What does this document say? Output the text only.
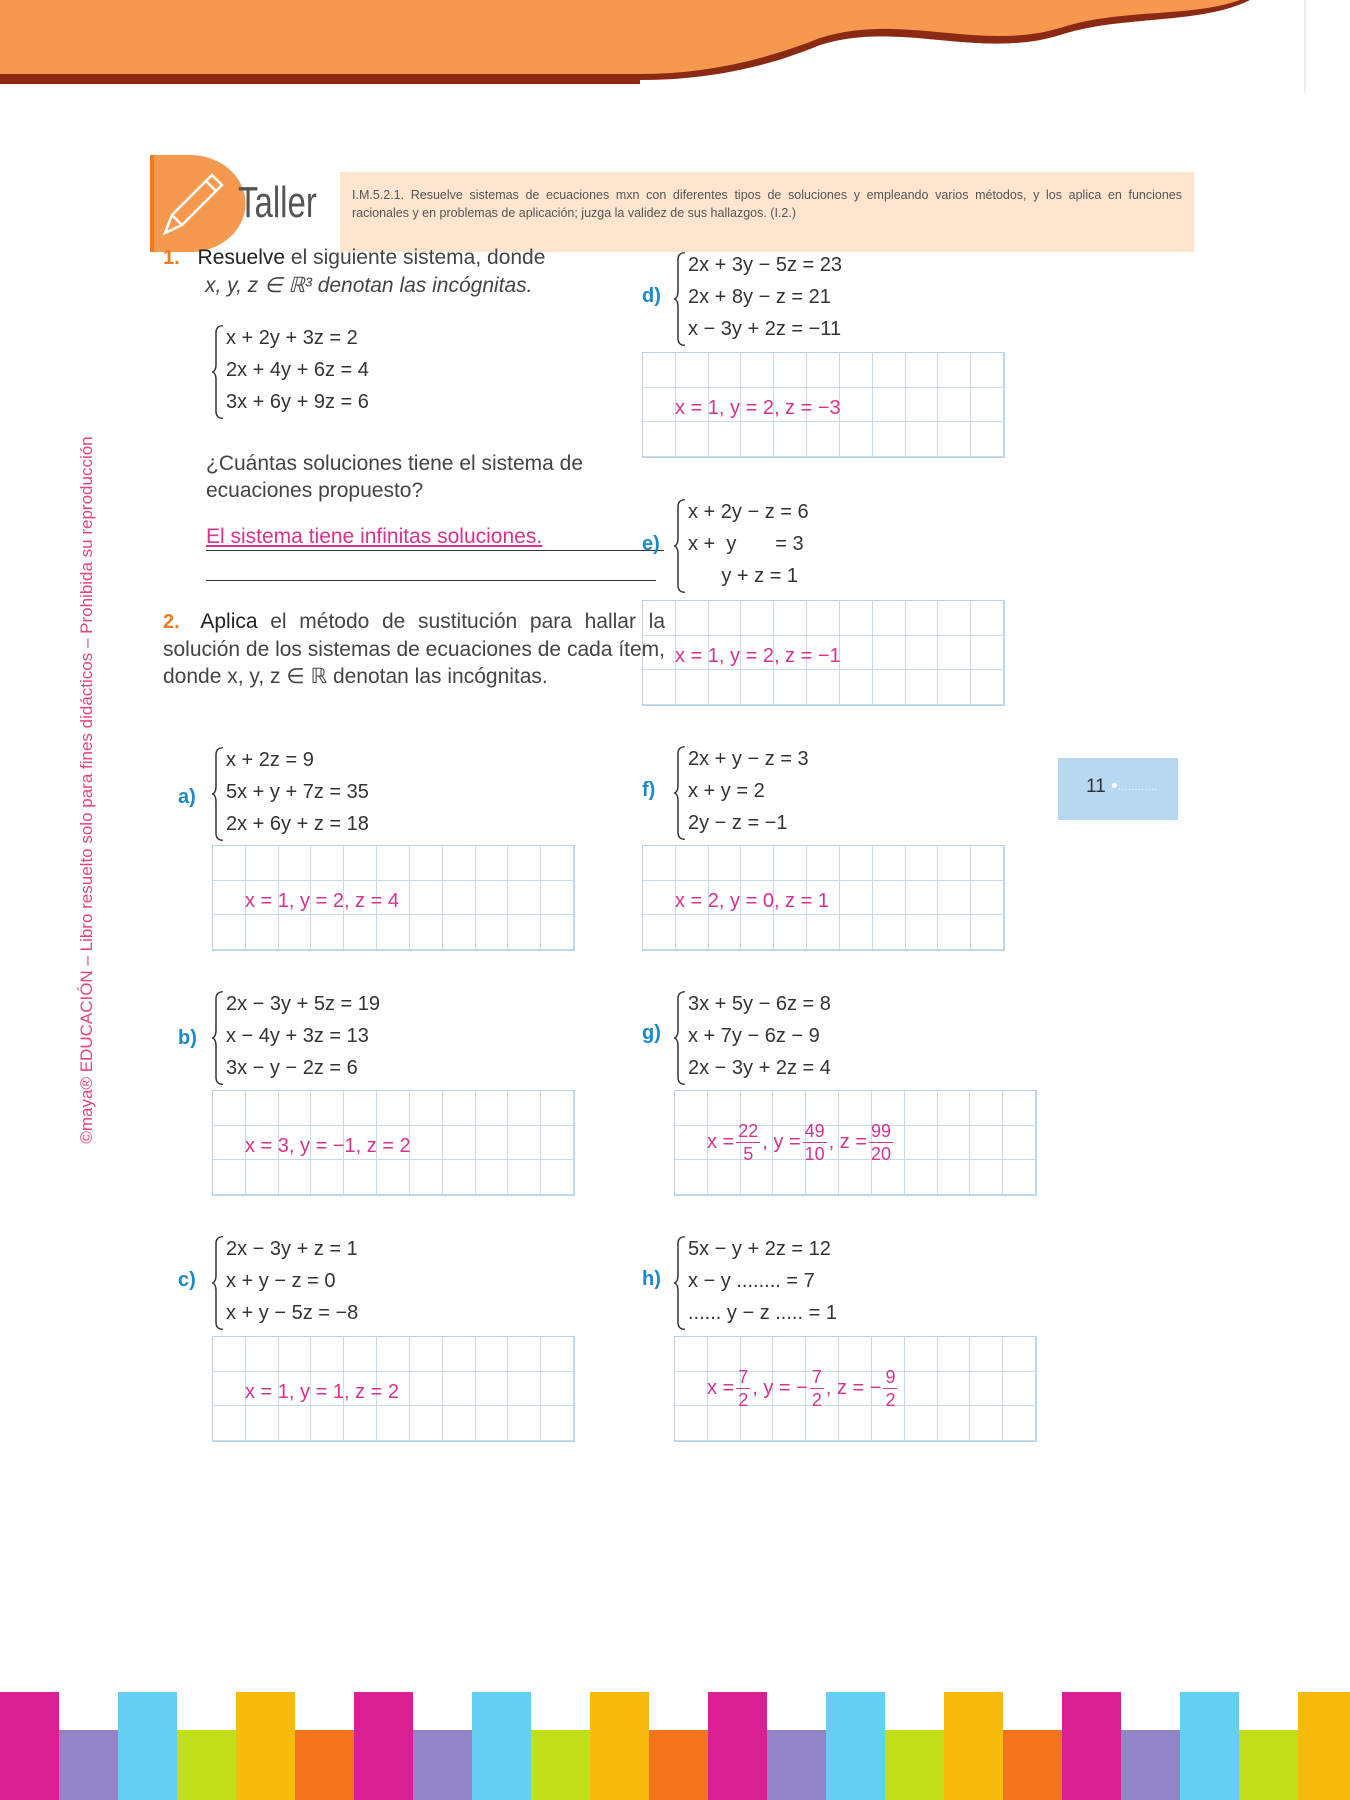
Taller	I.M.5.2.1. Resuelve sistemas de ecuaciones mxn con diferentes tipos de soluciones y empleando varios métodos, y los aplica en funciones racionales y en problemas de aplicación; juzga la validez de sus hallazgos. (I.2.)
©maya® EDUCACIÓN – Libro resuelto solo para fines didácticos – Prohibida su reproducción	11 •············
1. Resuelve el siguiente sistema, donde
x, y, z ∈ ℝ³ denotan las incógnitas.
x + 2y + 3z = 2
2x + 4y + 6z = 4
3x + 6y + 9z = 6
¿Cuántas soluciones tiene el sistema de ecuaciones propuesto?
El sistema tiene infinitas soluciones.
2. Aplica el método de sustitución para hallar la solución de los sistemas de ecuaciones de cada ítem, donde x, y, z ∈ ℝ denotan las incógnitas.
a)
x + 2z = 9
5x + y + 7z = 35
2x + 6y + z = 18
x = 1, y = 2, z = 4
b)
2x − 3y + 5z = 19
x − 4y + 3z = 13
3x − y − 2z = 6
x = 3, y = −1, z = 2
c)
2x − 3y + z = 1
x + y − z = 0
x + y − 5z = −8
x = 1, y = 1, z = 2
d)
2x + 3y − 5z = 23
2x + 8y − z = 21
x − 3y + 2z = −11
x = 1, y = 2, z = −3
e)
x + 2y − z = 6
x +  y       = 3
y + z = 1
x = 1, y = 2, z = −1
f)
2x + y − z = 3
x + y = 2
2y − z = −1
x = 2, y = 0, z = 1
g)
3x + 5y − 6z = 8
x + 7y − 6z − 9
2x − 3y + 2z = 4
$x = \frac{22}{5}$ , $y = \frac{49}{10}$ , $z = \frac{99}{20}$
h)
5x − y + 2z = 12
x − y ........ = 7
...... y − z ..... = 1
$x = \frac{7}{2}$ , y = − $\frac{7}{2}$ , z = − $\frac{9}{2}$
